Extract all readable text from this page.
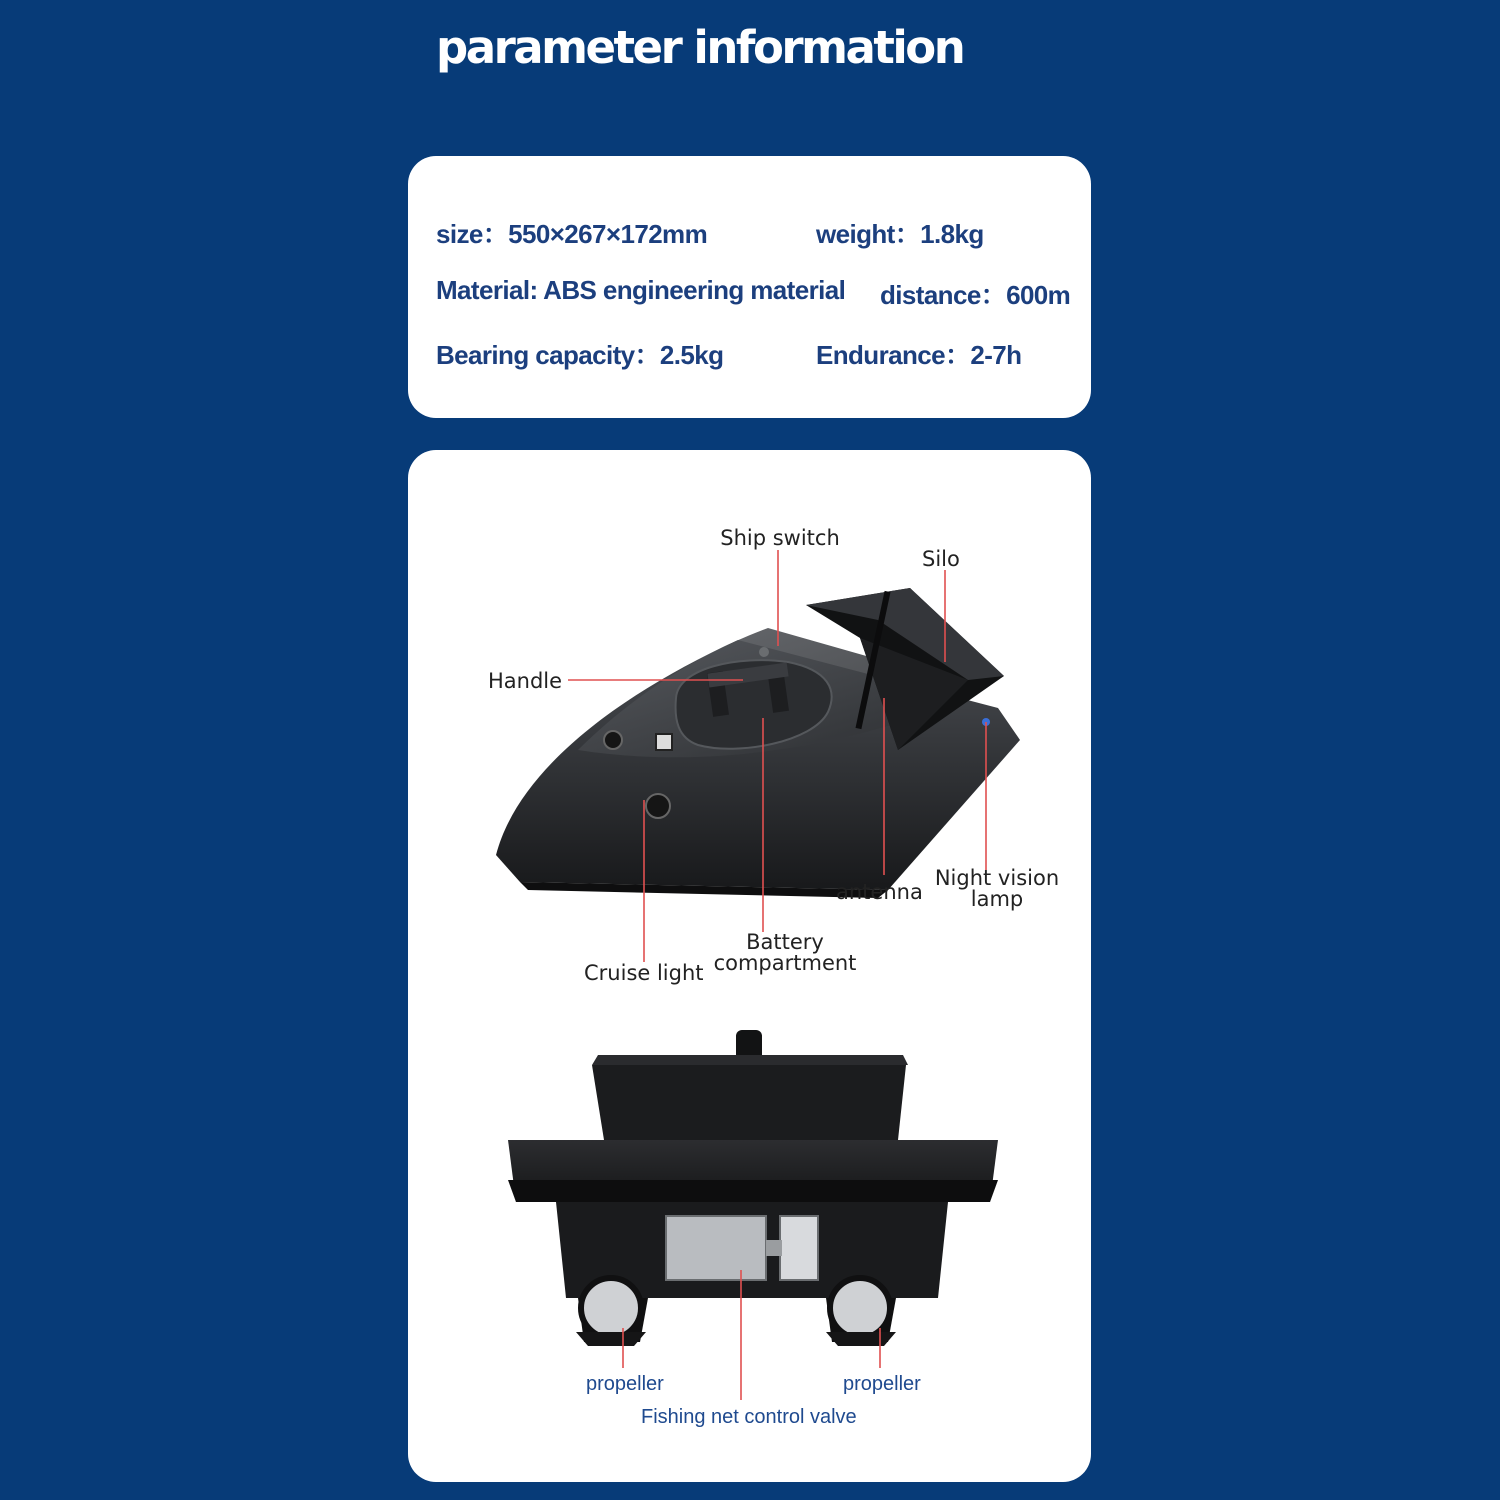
parameter information
size：550×267×172mm	weight：1.8kg
Material: ABS engineering material distance：600m
Bearing capacity：2.5kg	Endurance：2-7h
Ship switch
Silo
Handle
antenna
Night vision
lamp
Battery
compartment
Cruise light
propeller	propeller
Fishing net control valve
